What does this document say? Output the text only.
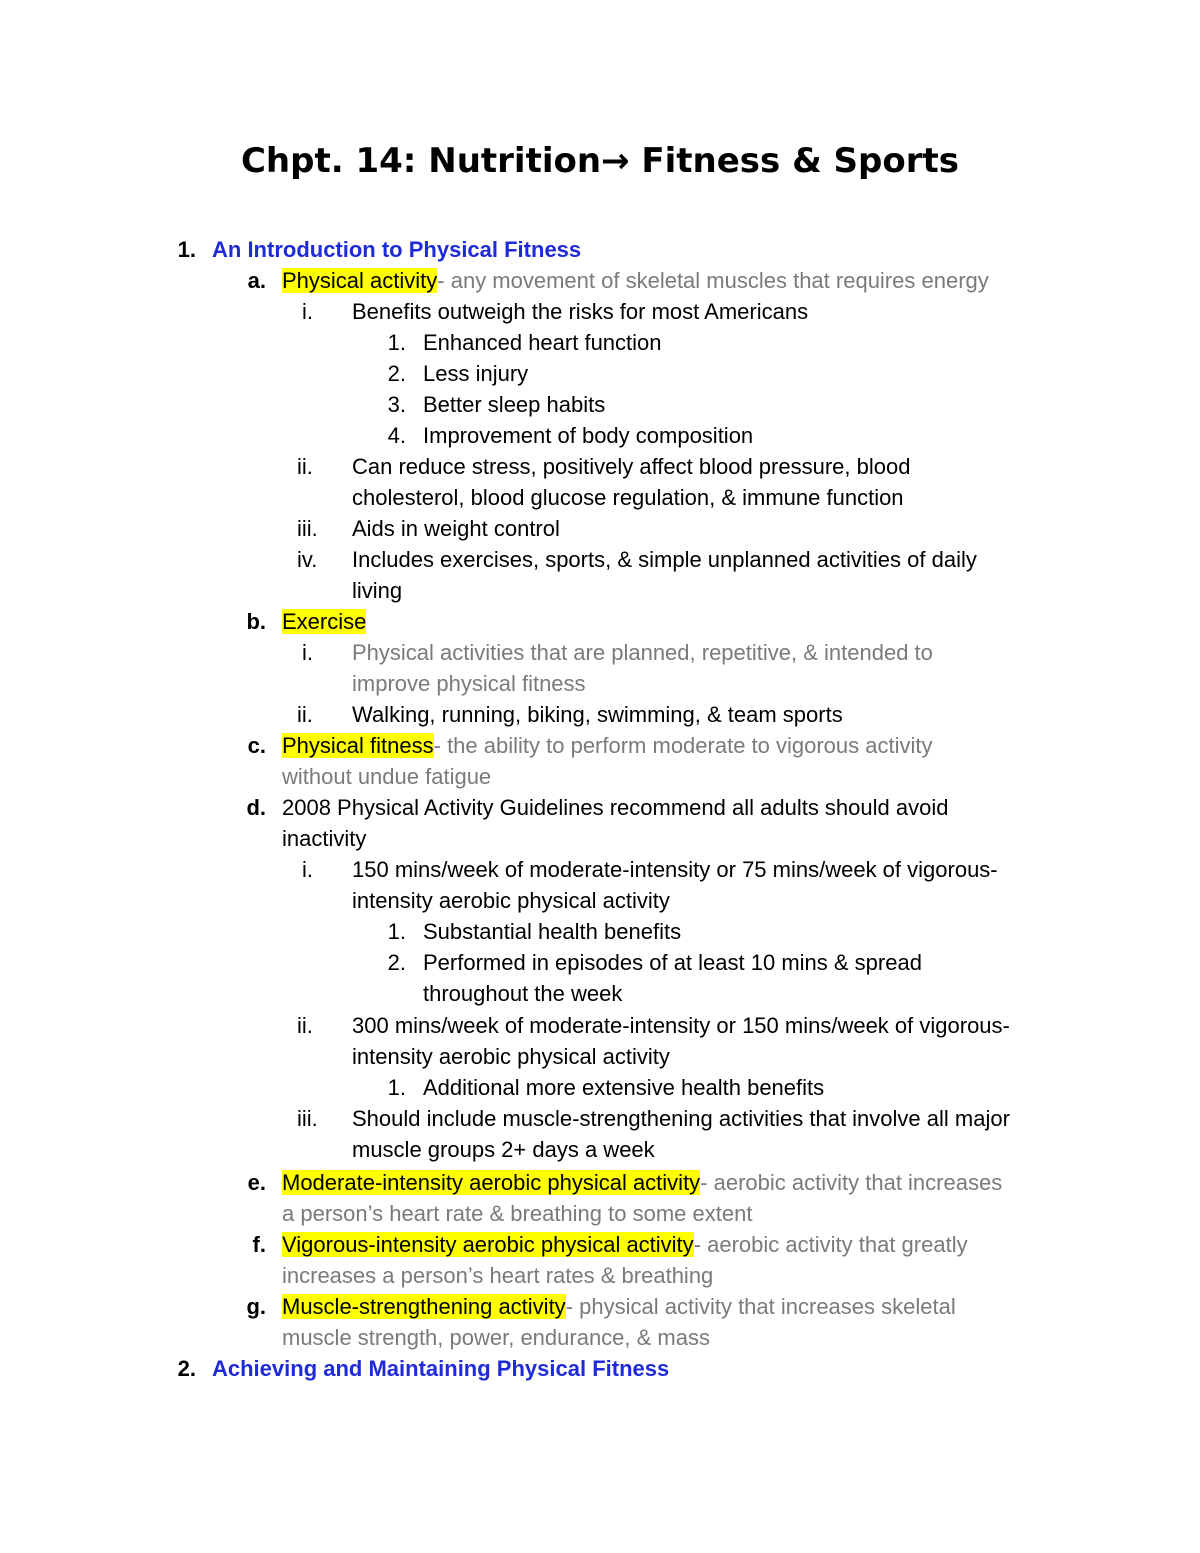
Chpt. 14: Nutrition→ Fitness & Sports
1. An Introduction to Physical Fitness
a. Physical activity- any movement of skeletal muscles that requires energy
i. Benefits outweigh the risks for most Americans
1. Enhanced heart function
2. Less injury
3. Better sleep habits
4. Improvement of body composition
ii. Can reduce stress, positively affect blood pressure, blood
cholesterol, blood glucose regulation, & immune function
iii. Aids in weight control
iv. Includes exercises, sports, & simple unplanned activities of daily
living
b. Exercise
i. Physical activities that are planned, repetitive, & intended to
improve physical fitness
ii. Walking, running, biking, swimming, & team sports
c. Physical fitness- the ability to perform moderate to vigorous activity
without undue fatigue
d. 2008 Physical Activity Guidelines recommend all adults should avoid
inactivity
i. 150 mins/week of moderate-intensity or 75 mins/week of vigorous-
intensity aerobic physical activity
1. Substantial health benefits
2. Performed in episodes of at least 10 mins & spread
throughout the week
ii. 300 mins/week of moderate-intensity or 150 mins/week of vigorous-
intensity aerobic physical activity
1. Additional more extensive health benefits
iii. Should include muscle-strengthening activities that involve all major
muscle groups 2+ days a week
e. Moderate-intensity aerobic physical activity- aerobic activity that increases
a person’s heart rate & breathing to some extent
f. Vigorous-intensity aerobic physical activity- aerobic activity that greatly
increases a person’s heart rates & breathing
g. Muscle-strengthening activity- physical activity that increases skeletal
muscle strength, power, endurance, & mass
2. Achieving and Maintaining Physical Fitness
